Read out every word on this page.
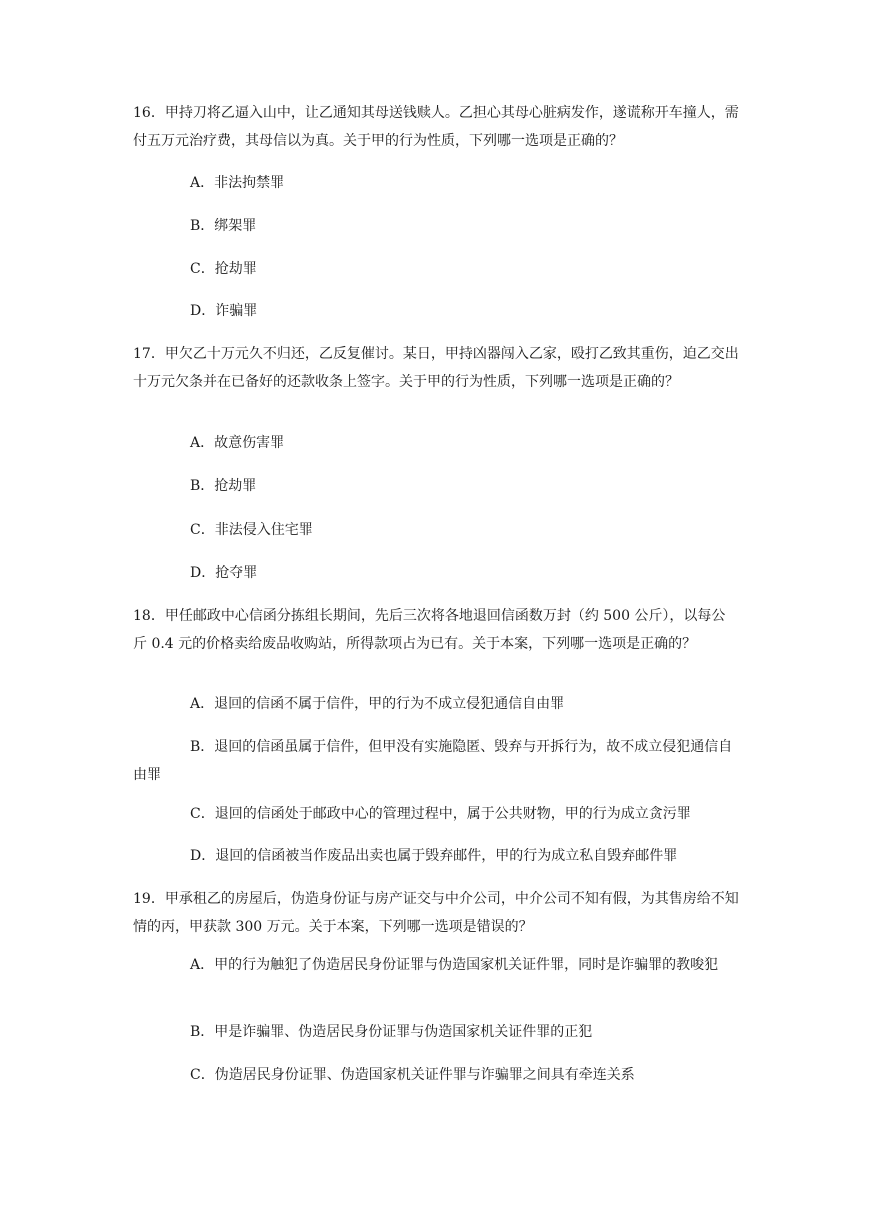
16．甲持刀将乙逼入山中，让乙通知其母送钱赎人。乙担心其母心脏病发作，遂谎称开车撞人，需付五万元治疗费，其母信以为真。关于甲的行为性质，下列哪一选项是正确的？

A．非法拘禁罪

B．绑架罪

C．抢劫罪

D．诈骗罪

17．甲欠乙十万元久不归还，乙反复催讨。某日，甲持凶器闯入乙家，殴打乙致其重伤，迫乙交出十万元欠条并在已备好的还款收条上签字。关于甲的行为性质，下列哪一选项是正确的？

A．故意伤害罪

B．抢劫罪

C．非法侵入住宅罪

D．抢夺罪

18．甲任邮政中心信函分拣组长期间，先后三次将各地退回信函数万封（约 500 公斤），以每公斤 0.4 元的价格卖给废品收购站，所得款项占为已有。关于本案，下列哪一选项是正确的？

A．退回的信函不属于信件，甲的行为不成立侵犯通信自由罪

B．退回的信函虽属于信件，但甲没有实施隐匿、毁弃与开拆行为，故不成立侵犯通信自由罪

C．退回的信函处于邮政中心的管理过程中，属于公共财物，甲的行为成立贪污罪

D．退回的信函被当作废品出卖也属于毁弃邮件，甲的行为成立私自毁弃邮件罪

19．甲承租乙的房屋后，伪造身份证与房产证交与中介公司，中介公司不知有假，为其售房给不知情的丙，甲获款 300 万元。关于本案，下列哪一选项是错误的？

A．甲的行为触犯了伪造居民身份证罪与伪造国家机关证件罪，同时是诈骗罪的教唆犯

B．甲是诈骗罪、伪造居民身份证罪与伪造国家机关证件罪的正犯

C．伪造居民身份证罪、伪造国家机关证件罪与诈骗罪之间具有牵连关系
